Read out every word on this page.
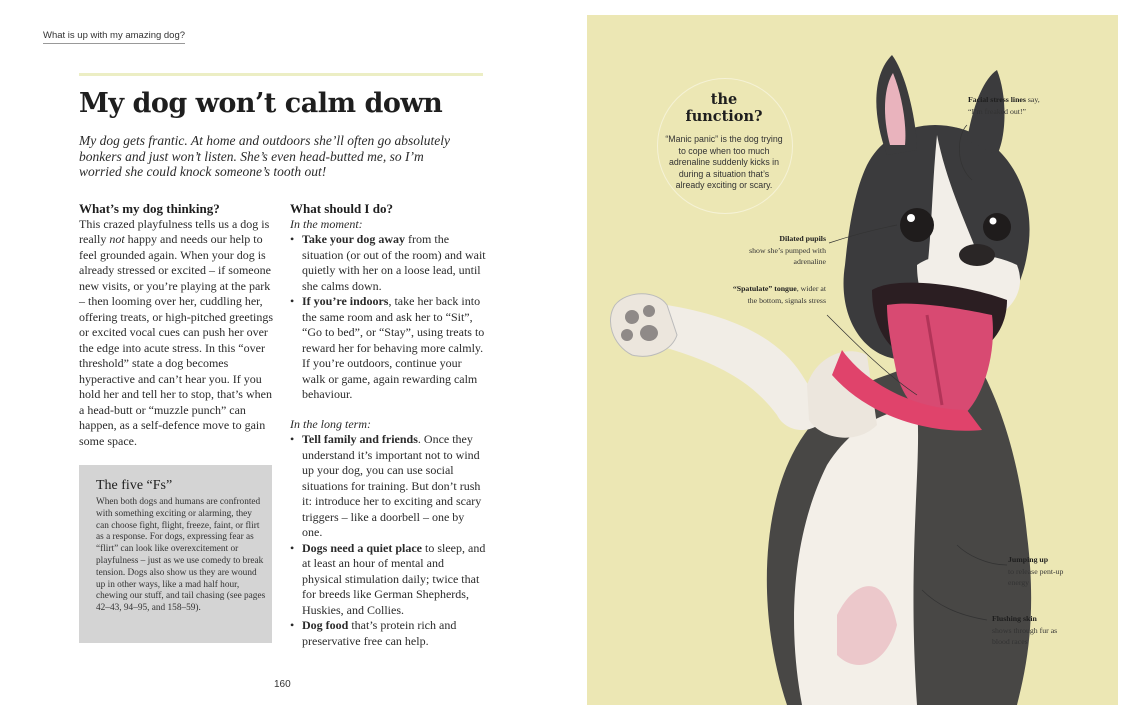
What is up with my amazing dog?
My dog won’t calm down

My dog gets frantic. At home and outdoors she’ll often go absolutely bonkers and just won’t listen. She’s even head-butted me, so I’m worried she could knock someone’s tooth out!

What’s my dog thinking?

This crazed playfulness tells us a dog is really not happy and needs our help to feel grounded again. When your dog is already stressed or excited – if someone new visits, or you’re playing at the park – then looming over her, cuddling her, offering treats, or high-pitched greetings or excited vocal cues can push her over the edge into acute stress. In this “over threshold” state a dog becomes hyperactive and can’t hear you. If you hold her and tell her to stop, that’s when a head-butt or “muzzle punch” can happen, as a self-defence move to gain some space.

What should I do?

In the moment:

• Take your dog away from the situation (or out of the room) and wait quietly with her on a loose lead, until she calms down.
• If you’re indoors, take her back into the same room and ask her to “Sit”, “Go to bed”, or “Stay”, using treats to reward her for behaving more calmly. If you’re outdoors, continue your walk or game, again rewarding calm behaviour.

In the long term:

• Tell family and friends. Once they understand it’s important not to wind up your dog, you can use social situations for training. But don’t rush it: introduce her to exciting and scary triggers – like a doorbell – one by one.
• Dogs need a quiet place to sleep, and at least an hour of mental and physical stimulation daily; twice that for breeds like German Shepherds, Huskies, and Collies.
• Dog food that’s protein rich and preservative free can help.

The five “Fs”

When both dogs and humans are confronted with something exciting or alarming, they can choose fight, flight, freeze, faint, or flirt as a response. For dogs, expressing fear as “flirt” can look like overexcitement or playfulness – just as we use comedy to break tension. Dogs also show us they are wound up in other ways, like a mad half hour, chewing our stuff, and tail chasing (see pages 42–43, 94–95, and 158–59).

160

the function?

“Manic panic” is the dog trying to cope when too much adrenaline suddenly kicks in during a situation that’s already exciting or scary.

Facial stress lines say, “I’m freaked out!”

Dilated pupils
show she’s pumped with adrenaline

“Spatulate” tongue, wider at the bottom, signals stress

Jumping up
to release pent-up energy

Flushing skin
shows through fur as blood races
